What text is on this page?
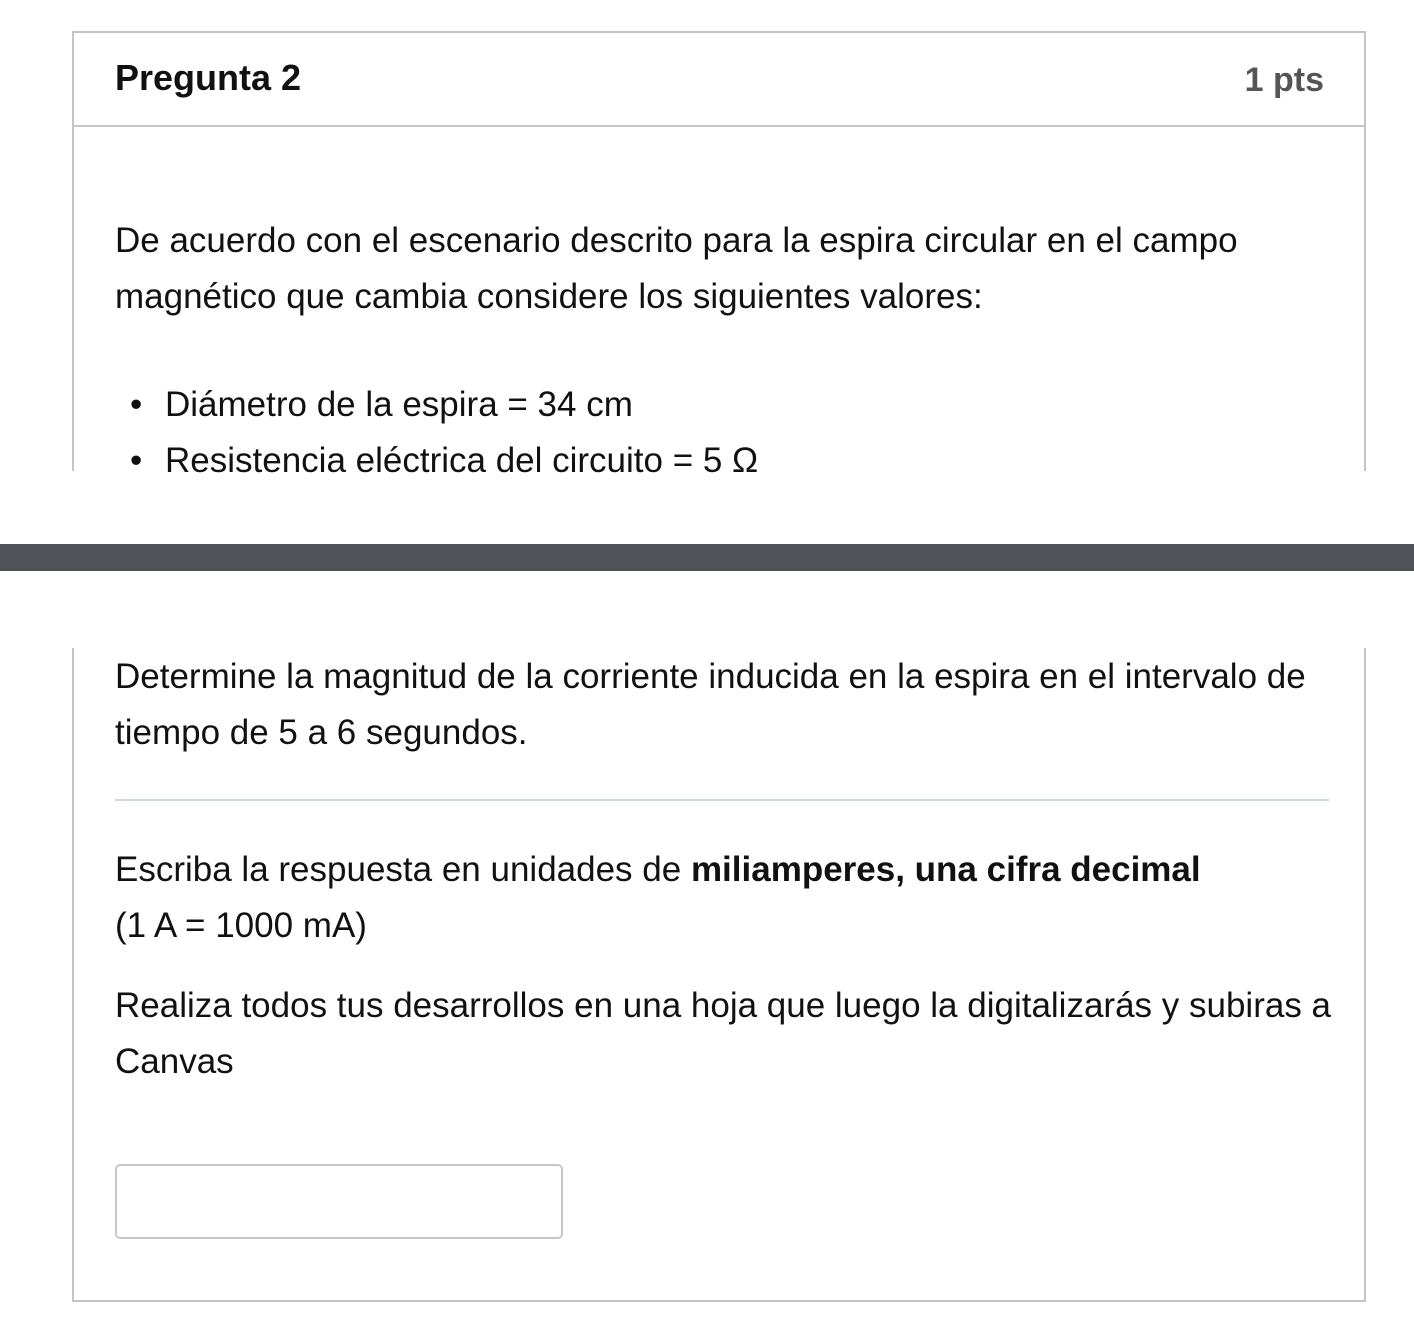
Pregunta 2	1 pts

De acuerdo con el escenario descrito para la espira circular en el campo magnético que cambia considere los siguientes valores:

• Diámetro de la espira = 34 cm
• Resistencia eléctrica del circuito = 5 Ω

Determine la magnitud de la corriente inducida en la espira en el intervalo de tiempo de 5 a 6 segundos.

Escriba la respuesta en unidades de miliamperes, una cifra decimal
(1 A = 1000 mA)

Realiza todos tus desarrollos en una hoja que luego la digitalizarás y subiras a Canvas
